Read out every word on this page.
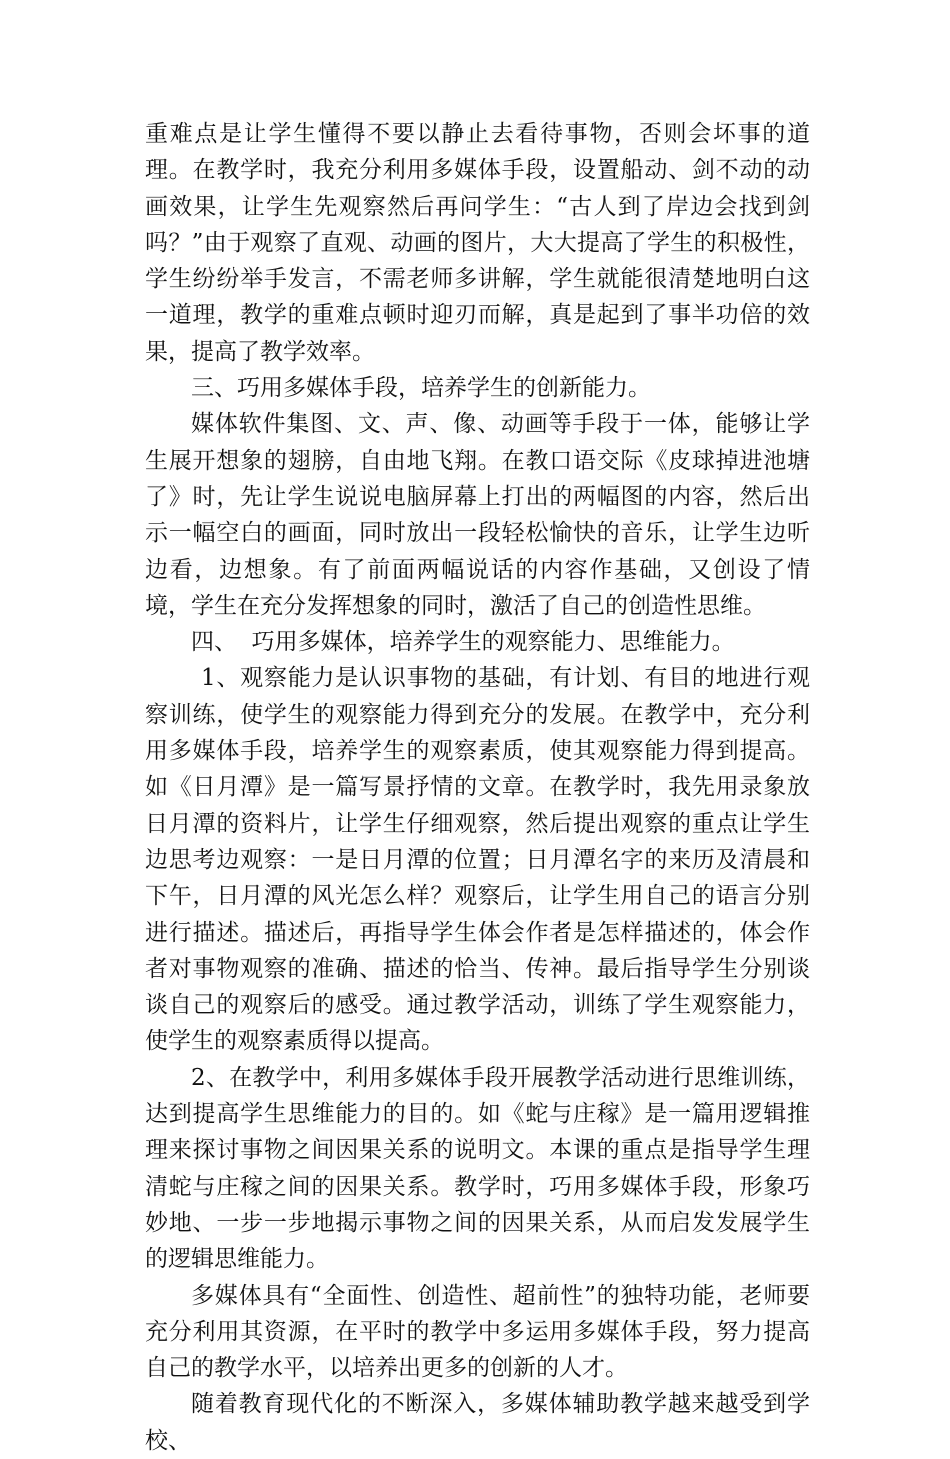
重难点是让学生懂得不要以静止去看待事物，否则会坏事的道理。在教学时，我充分利用多媒体手段，设置船动、剑不动的动画效果，让学生先观察然后再问学生：“古人到了岸边会找到剑吗？”由于观察了直观、动画的图片，大大提高了学生的积极性，学生纷纷举手发言，不需老师多讲解，学生就能很清楚地明白这一道理，教学的重难点顿时迎刃而解，真是起到了事半功倍的效果，提高了教学效率。

三、巧用多媒体手段，培养学生的创新能力。

媒体软件集图、文、声、像、动画等手段于一体，能够让学生展开想象的翅膀，自由地飞翔。在教口语交际《皮球掉进池塘了》时，先让学生说说电脑屏幕上打出的两幅图的内容，然后出示一幅空白的画面，同时放出一段轻松愉快的音乐，让学生边听边看，边想象。有了前面两幅说话的内容作基础，又创设了情境，学生在充分发挥想象的同时，激活了自己的创造性思维。

四、  巧用多媒体，培养学生的观察能力、思维能力。

1、观察能力是认识事物的基础，有计划、有目的地进行观察训练，使学生的观察能力得到充分的发展。在教学中，充分利用多媒体手段，培养学生的观察素质，使其观察能力得到提高。如《日月潭》是一篇写景抒情的文章。在教学时，我先用录象放日月潭的资料片，让学生仔细观察，然后提出观察的重点让学生边思考边观察：一是日月潭的位置；日月潭名字的来历及清晨和下午，日月潭的风光怎么样？观察后，让学生用自己的语言分别进行描述。描述后，再指导学生体会作者是怎样描述的，体会作者对事物观察的准确、描述的恰当、传神。最后指导学生分别谈谈自己的观察后的感受。通过教学活动，训练了学生观察能力，使学生的观察素质得以提高。

2、在教学中，利用多媒体手段开展教学活动进行思维训练，达到提高学生思维能力的目的。如《蛇与庄稼》是一篇用逻辑推理来探讨事物之间因果关系的说明文。本课的重点是指导学生理清蛇与庄稼之间的因果关系。教学时，巧用多媒体手段，形象巧妙地、一步一步地揭示事物之间的因果关系，从而启发发展学生的逻辑思维能力。

多媒体具有“全面性、创造性、超前性”的独特功能，老师要充分利用其资源，在平时的教学中多运用多媒体手段，努力提高自己的教学水平，以培养出更多的创新的人才。

随着教育现代化的不断深入，多媒体辅助教学越来越受到学校、
